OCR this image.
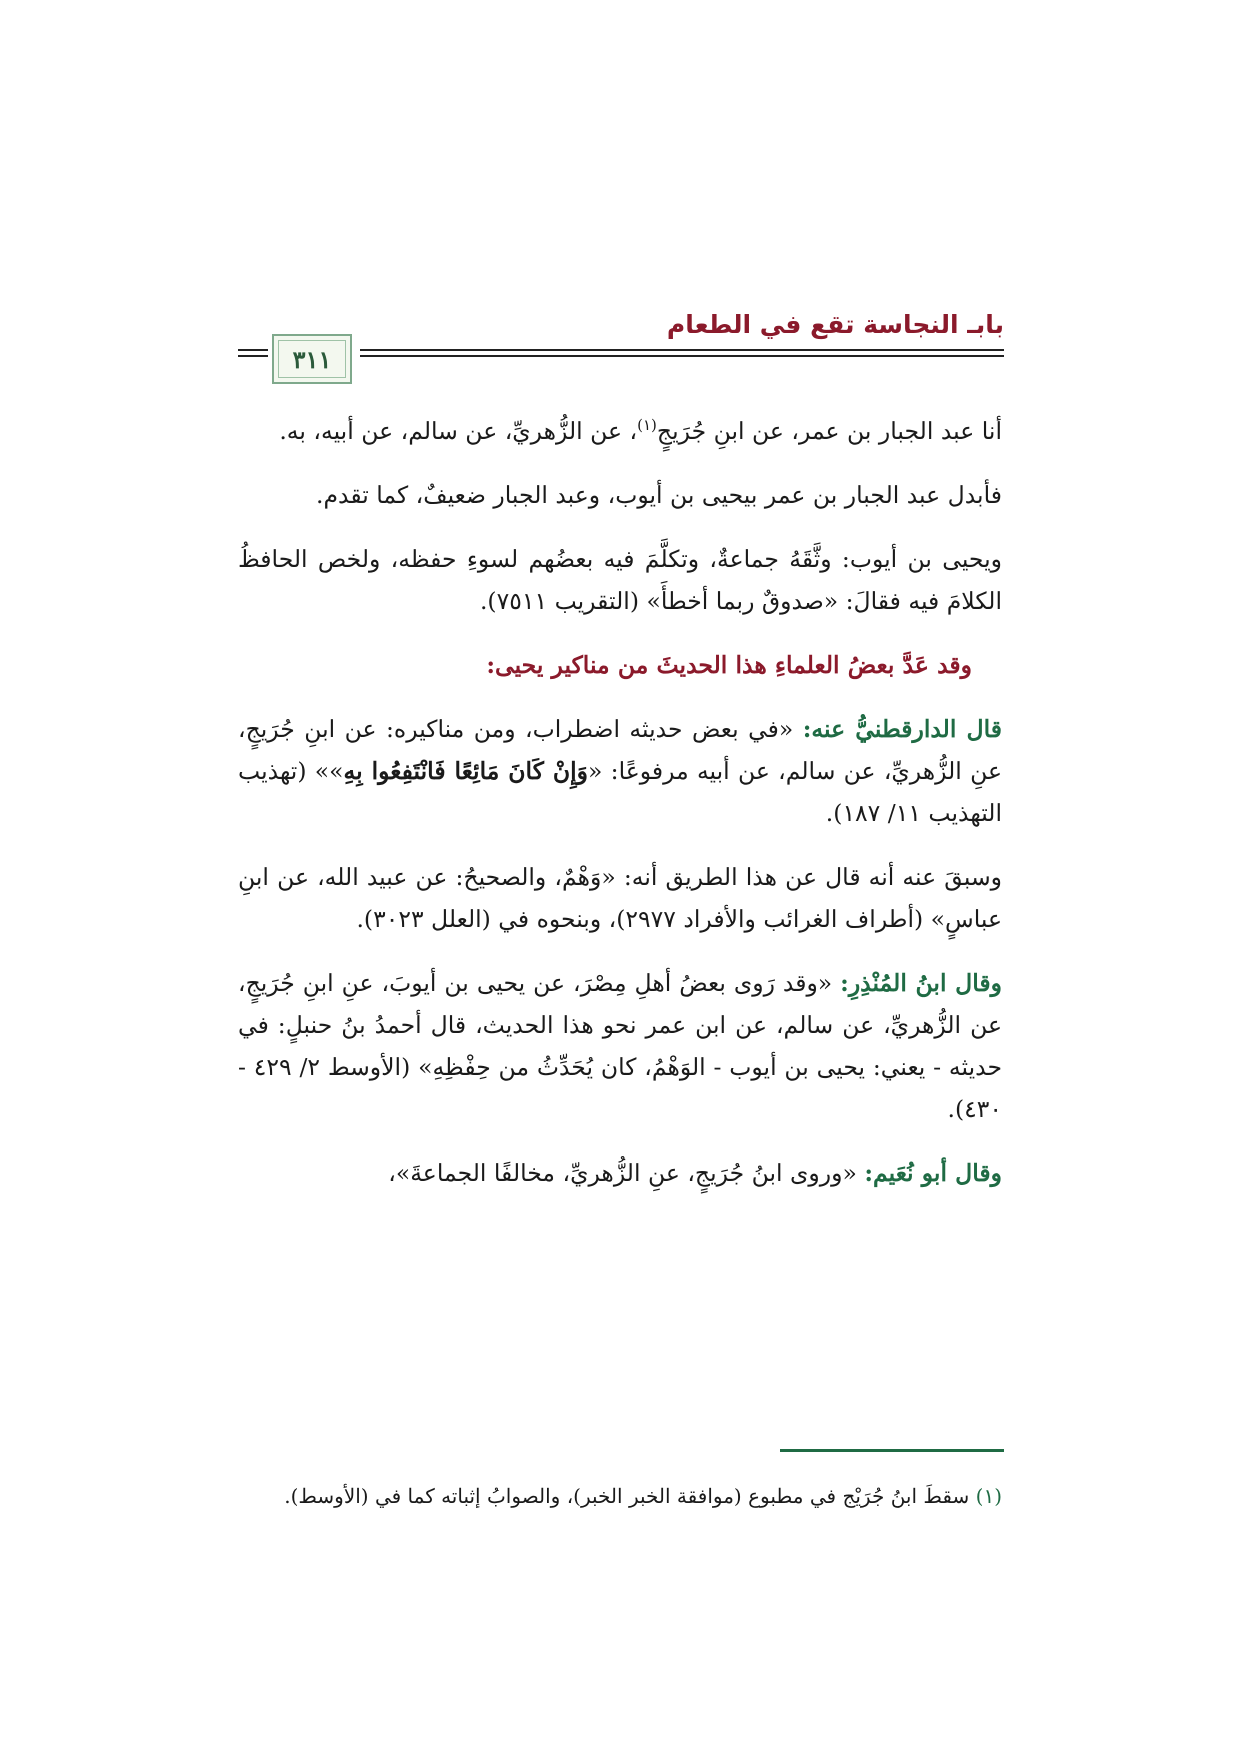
بابـ النجاسة تقع في الطعام
٣١١

أنا عبد الجبار بن عمر، عن ابنِ جُرَيجٍ$^{(١)}$، عن الزُّهريِّ، عن سالم، عن أبيه، به.

فأبدل عبد الجبار بن عمر بيحيى بن أيوب، وعبد الجبار ضعيفٌ، كما تقدم.

ويحيى بن أيوب: وثَّقَهُ جماعةٌ، وتكلَّمَ فيه بعضُهم لسوءِ حفظه، ولخص الحافظُ الكلامَ فيه فقالَ: «صدوقٌ ربما أخطأَ» (التقريب ٧٥١١).

وقد عَدَّ بعضُ العلماءِ هذا الحديثَ من مناكير يحيى:

قال الدارقطنيُّ عنه: «في بعض حديثه اضطراب، ومن مناكيره: عن ابنِ جُرَيجٍ، عنِ الزُّهريِّ، عن سالم، عن أبيه مرفوعًا: «وَإِنْ كَانَ مَائِعًا فَانْتَفِعُوا بِهِ»» (تهذيب التهذيب ١١/ ١٨٧).

وسبقَ عنه أنه قال عن هذا الطريق أنه: «وَهْمٌ، والصحيحُ: عن عبيد الله، عن ابنِ عباسٍ» (أطراف الغرائب والأفراد ٢٩٧٧)، وبنحوه في (العلل ٣٠٢٣).

وقال ابنُ المُنْذِرِ: «وقد رَوى بعضُ أهلِ مِصْرَ، عن يحيى بن أيوبَ، عنِ ابنِ جُرَيجٍ، عن الزُّهريِّ، عن سالم، عن ابن عمر نحو هذا الحديث، قال أحمدُ بنُ حنبلٍ: في حديثه - يعني: يحيى بن أيوب - الوَهْمُ، كان يُحَدِّثُ من حِفْظِهِ» (الأوسط ٢/ ٤٢٩ - ٤٣٠).

وقال أبو نُعَيم: «وروى ابنُ جُرَيجٍ، عنِ الزُّهريِّ، مخالفًا الجماعةَ»،

(١) سقطَ ابنُ جُرَيْج في مطبوع (موافقة الخبر الخبر)، والصوابُ إثباته كما في (الأوسط).
